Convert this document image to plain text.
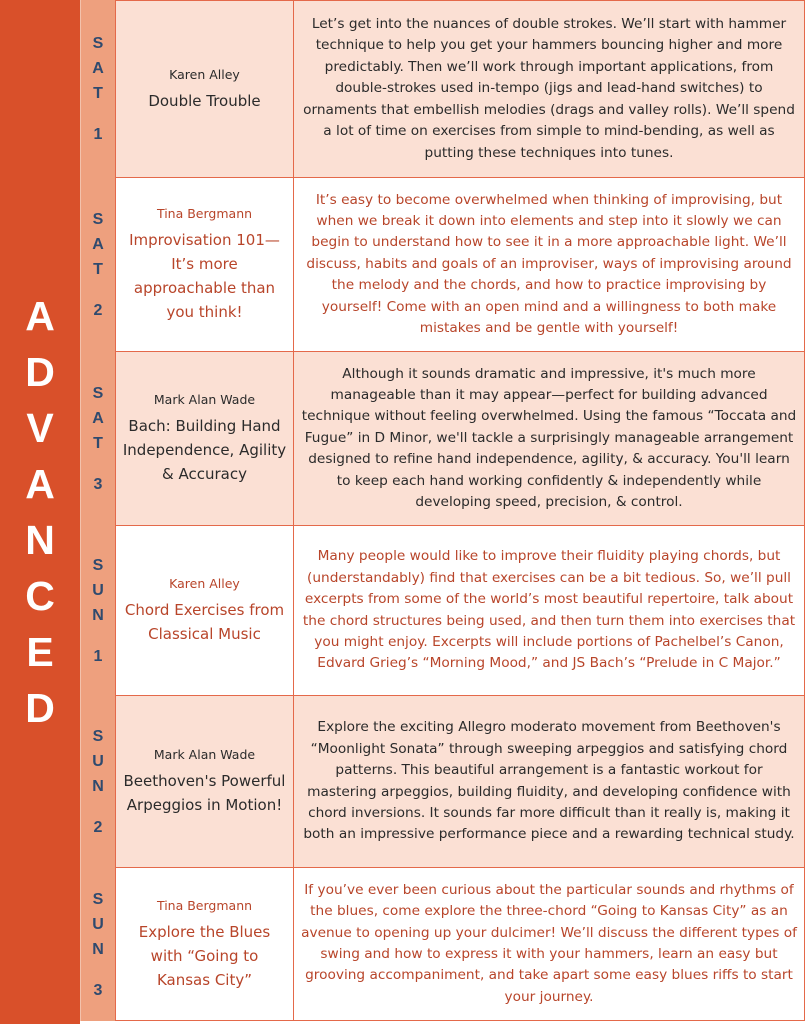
A
D
V
A
N
C
E
D
S
A
T
1
Karen Alley
Double Trouble
Let’s get into the nuances of double strokes. We’ll start with hammer technique to help you get your hammers bouncing higher and more predictably. Then we’ll work through important applications, from double-strokes used in-tempo (jigs and lead-hand switches) to ornaments that embellish melodies (drags and valley rolls). We’ll spend a lot of time on exercises from simple to mind-bending, as well as putting these techniques into tunes.
S
A
T
2
Tina Bergmann
Improvisation 101— It’s more approachable than you think!
It’s easy to become overwhelmed when thinking of improvising, but when we break it down into elements and step into it slowly we can begin to understand how to see it in a more approachable light. We’ll discuss, habits and goals of an improviser, ways of improvising around the melody and the chords, and how to practice improvising by yourself! Come with an open mind and a willingness to both make mistakes and be gentle with yourself!
S
A
T
3
Mark Alan Wade
Bach: Building Hand Independence, Agility & Accuracy
Although it sounds dramatic and impressive, it's much more manageable than it may appear—perfect for building advanced technique without feeling overwhelmed. Using the famous “Toccata and Fugue” in D Minor, we'll tackle a surprisingly manageable arrangement designed to refine hand independence, agility, & accuracy. You'll learn to keep each hand working confidently & independently while developing speed, precision, & control.
S
U
N
1
Karen Alley
Chord Exercises from Classical Music
Many people would like to improve their fluidity playing chords, but (understandably) find that exercises can be a bit tedious. So, we’ll pull excerpts from some of the world’s most beautiful repertoire, talk about the chord structures being used, and then turn them into exercises that you might enjoy. Excerpts will include portions of Pachelbel’s Canon, Edvard Grieg’s “Morning Mood,” and JS Bach’s “Prelude in C Major.”
S
U
N
2
Mark Alan Wade
Beethoven's Powerful Arpeggios in Motion!
Explore the exciting Allegro moderato movement from Beethoven's “Moonlight Sonata” through sweeping arpeggios and satisfying chord patterns. This beautiful arrangement is a fantastic workout for mastering arpeggios, building fluidity, and developing confidence with chord inversions. It sounds far more difficult than it really is, making it both an impressive performance piece and a rewarding technical study.
S
U
N
3
Tina Bergmann
Explore the Blues with “Going to Kansas City”
If you’ve ever been curious about the particular sounds and rhythms of the blues, come explore the three-chord “Going to Kansas City” as an avenue to opening up your dulcimer! We’ll discuss the different types of swing and how to express it with your hammers, learn an easy but grooving accompaniment, and take apart some easy blues riffs to start your journey.
